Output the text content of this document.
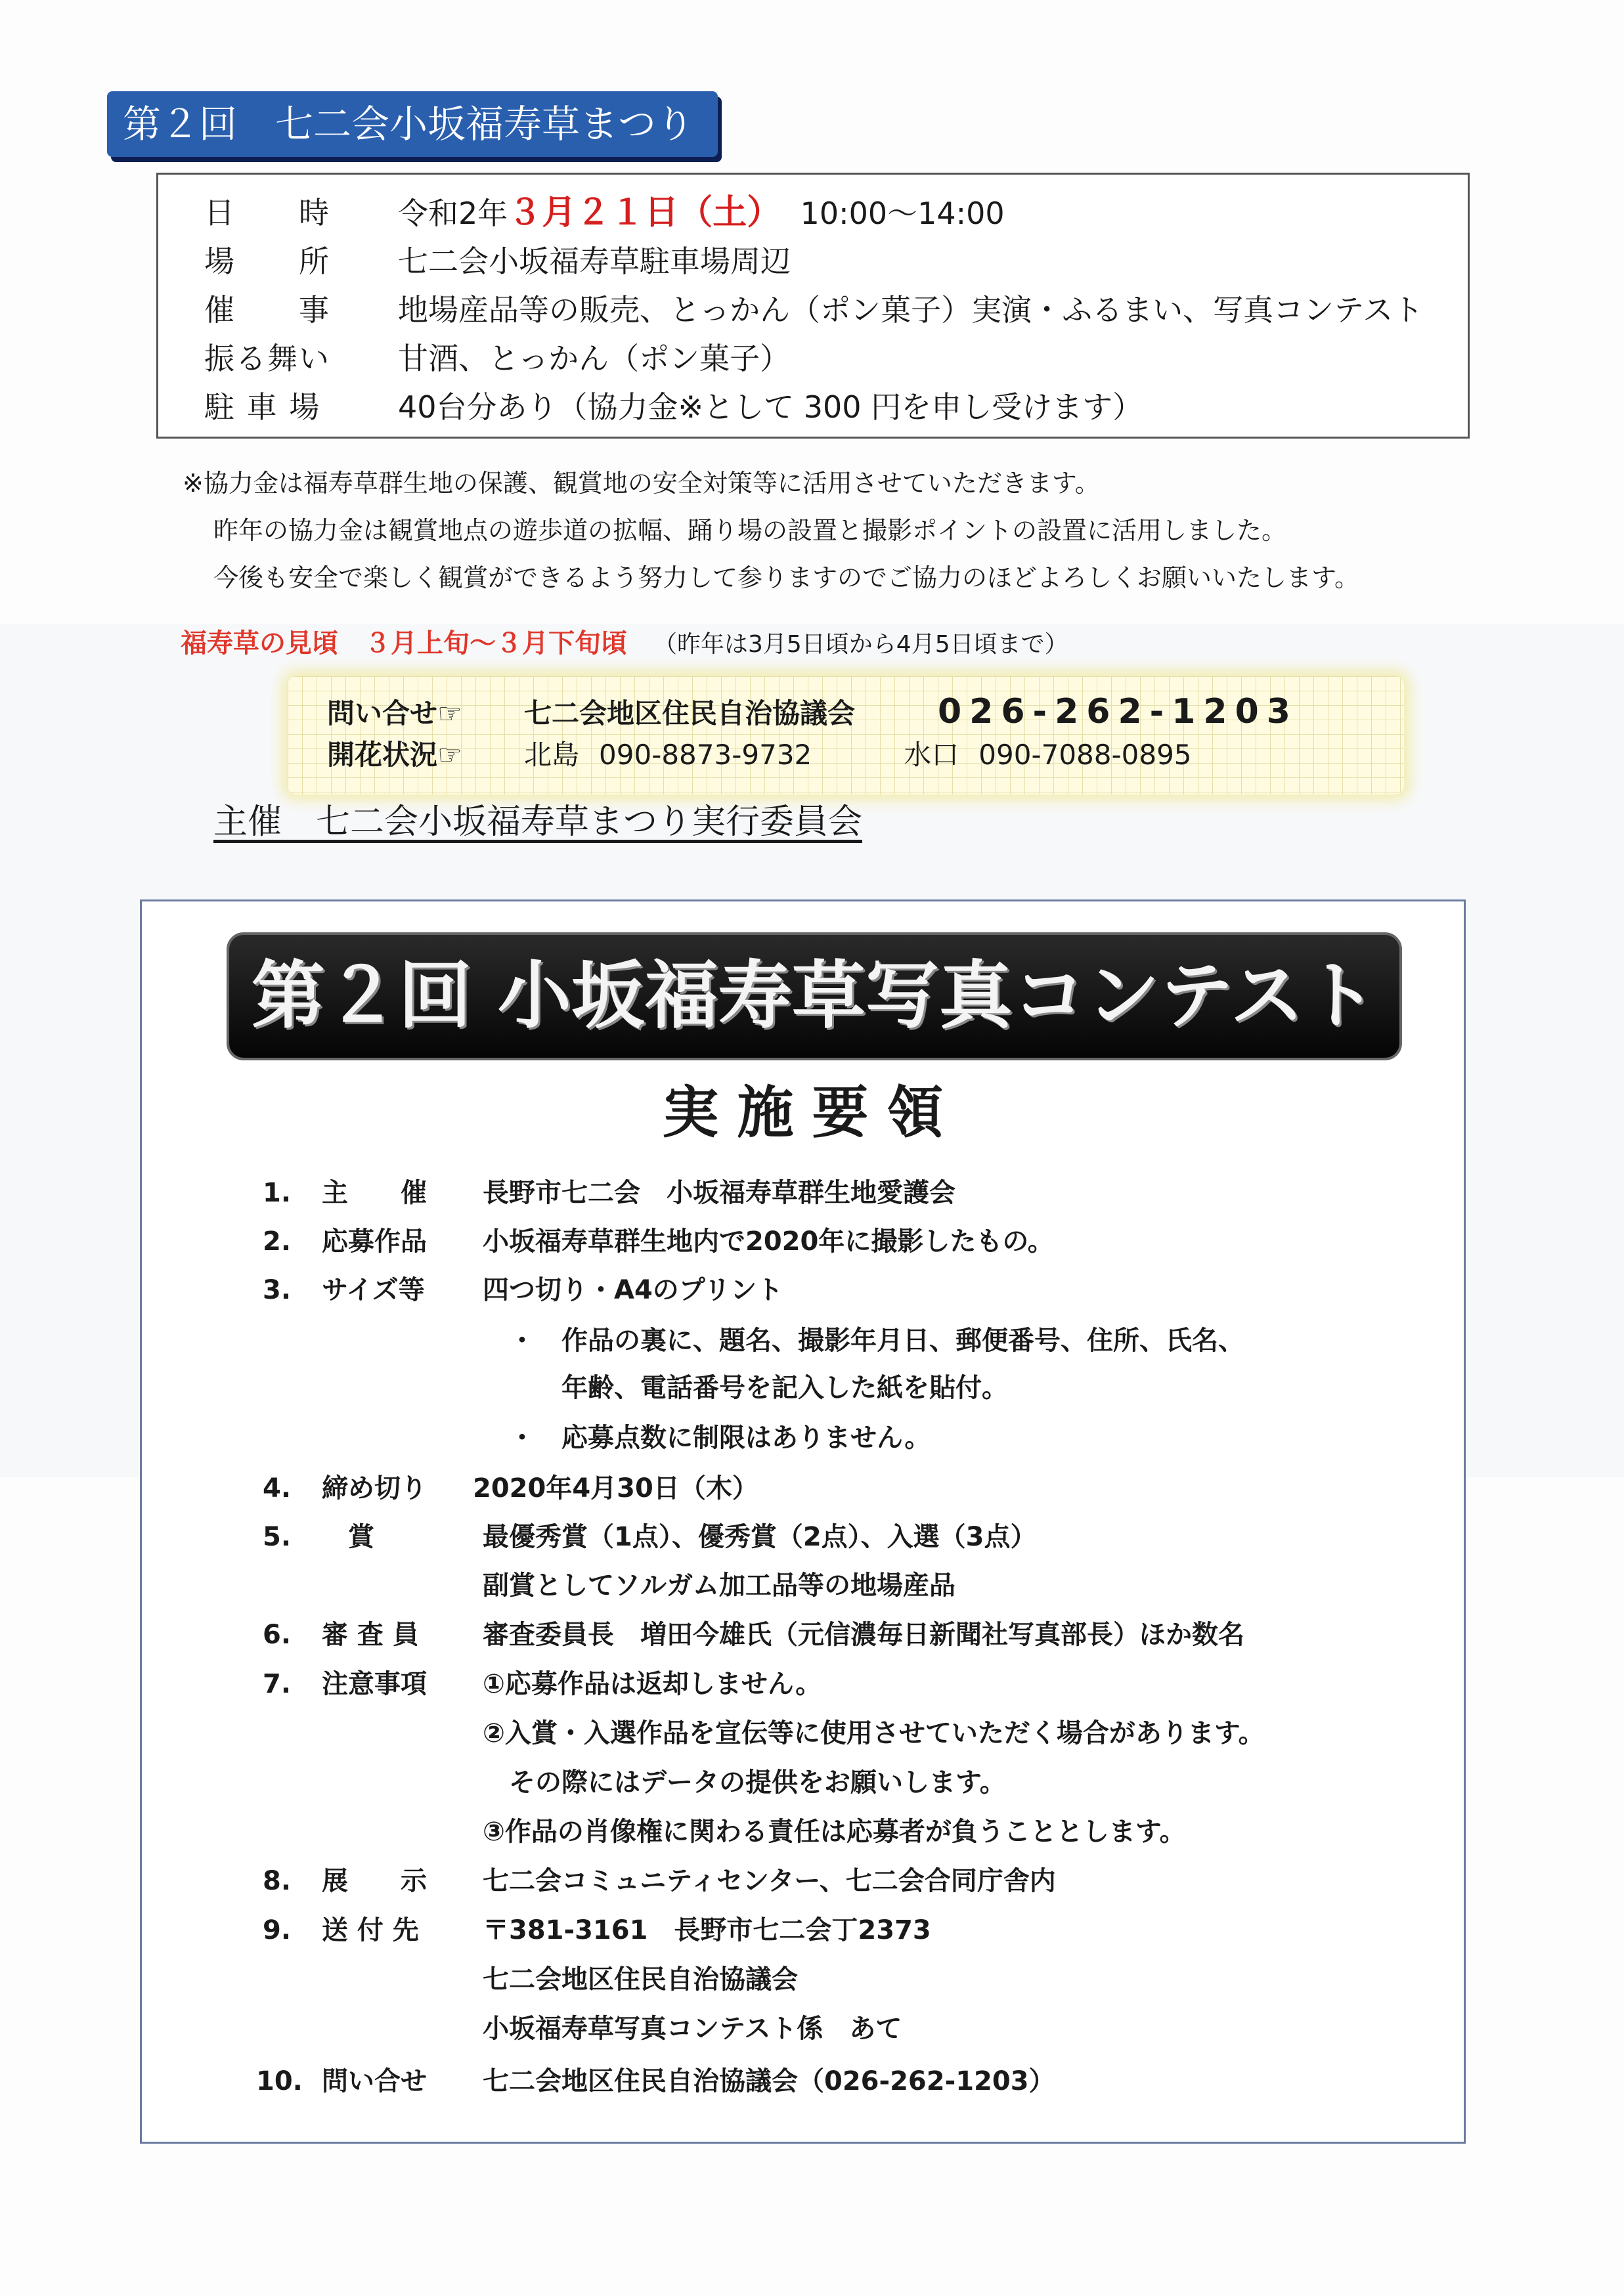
第２回　七二会小坂福寿草まつり
日　　時	令和2年３月２１日（土） 10:00～14:00
場　　所	七二会小坂福寿草駐車場周辺
催　　事	地場産品等の販売、とっかん（ポン菓子）実演・ふるまい、写真コンテスト
振る舞い	甘酒、とっかん（ポン菓子）
駐 車 場	40台分あり（協力金※として 300 円を申し受けます）
※協力金は福寿草群生地の保護、観賞地の安全対策等に活用させていただきます。
昨年の協力金は観賞地点の遊歩道の拡幅、踊り場の設置と撮影ポイントの設置に活用しました。
今後も安全で楽しく観賞ができるよう努力して参りますのでご協力のほどよろしくお願いいたします。
福寿草の見頃　３月上旬～３月下旬頃 （昨年は3月5日頃から4月5日頃まで）
問い合せ☞ 七二会地区住民自治協議会 026-262-1203
開花状況☞ 北島 090-8873-9732	水口 090-7088-0895
主催　七二会小坂福寿草まつり実行委員会
第２回 小坂福寿草写真コンテスト
実施要領
1. 主　　催 長野市七二会　小坂福寿草群生地愛護会
2. 応募作品 小坂福寿草群生地内で2020年に撮影したもの。
3. サイズ等 四つ切り・A4のプリント
　・　作品の裏に、題名、撮影年月日、郵便番号、住所、氏名、
　　　年齢、電話番号を記入した紙を貼付。
　・　応募点数に制限はありません。
4. 締め切り 2020年4月30日（木）
5. 　賞	最優秀賞（1点）、優秀賞（2点）、入選（3点）
副賞としてソルガム加工品等の地場産品
6. 審 査 員 審査委員長　増田今雄氏（元信濃毎日新聞社写真部長）ほか数名
7. 注意事項 ①応募作品は返却しません。
②入賞・入選作品を宣伝等に使用させていただく場合があります。
　その際にはデータの提供をお願いします。
③作品の肖像権に関わる責任は応募者が負うこととします。
8. 展　　示 七二会コミュニティセンター、七二会合同庁舎内
9. 送 付 先 〒381-3161　長野市七二会丁2373
七二会地区住民自治協議会
小坂福寿草写真コンテスト係　あて
10. 問い合せ 七二会地区住民自治協議会（026-262-1203）
